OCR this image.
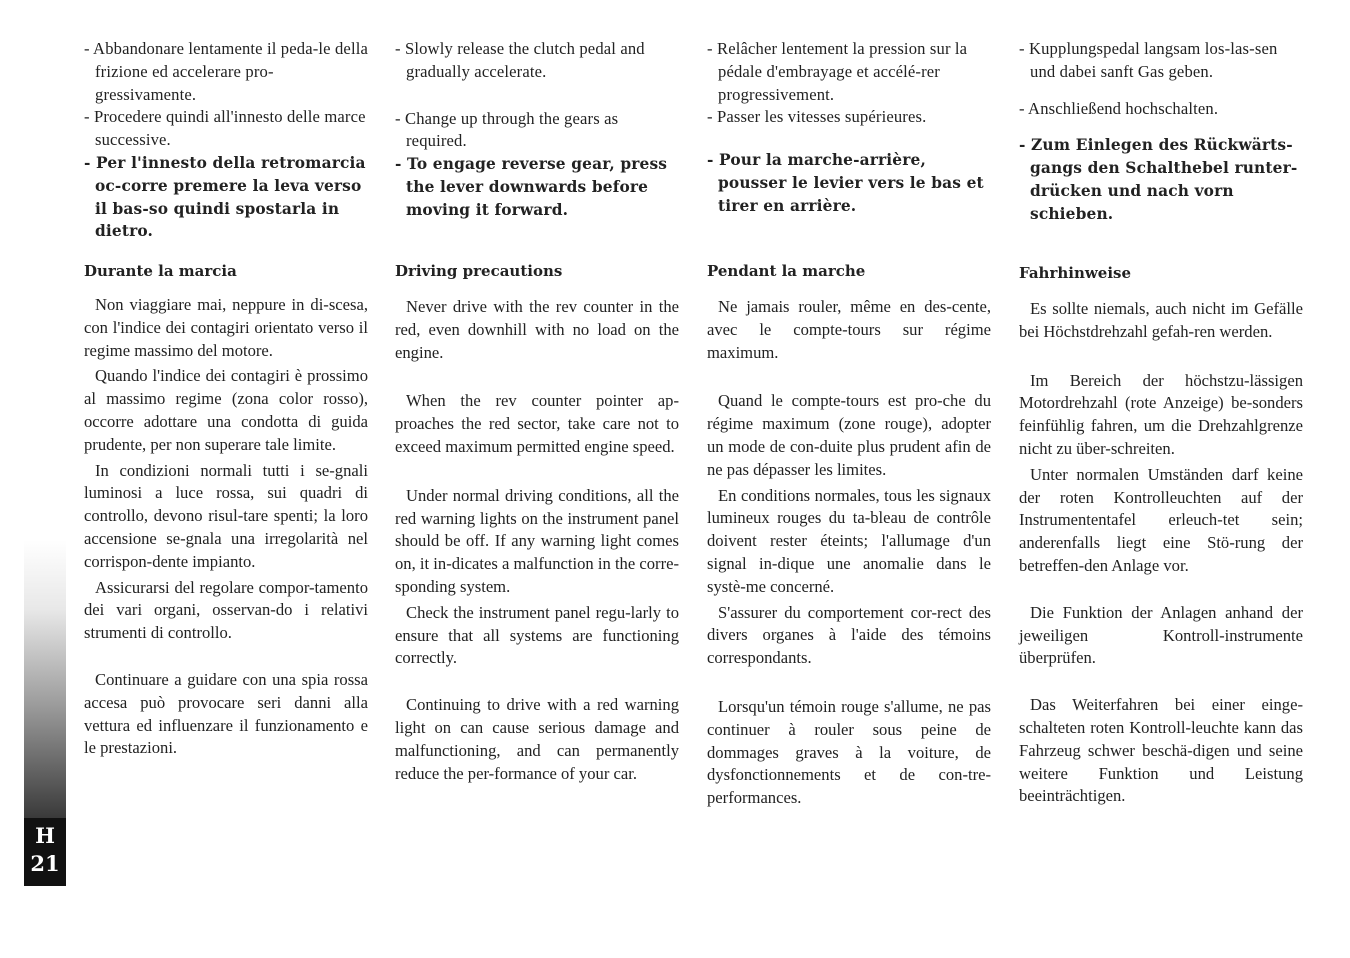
- Abbandonare lentamente il peda-le della frizione ed accelerare pro-gressivamente.
- Procedere quindi all'innesto delle marce successive.
- Per l'innesto della retromarcia oc-corre premere la leva verso il bas-so quindi spostarla in dietro.
Durante la marcia
Non viaggiare mai, neppure in di-scesa, con l'indice dei contagiri orientato verso il regime massimo del motore.
Quando l'indice dei contagiri è prossimo al massimo regime (zona color rosso), occorre adottare una condotta di guida prudente, per non superare tale limite.
In condizioni normali tutti i se-gnali luminosi a luce rossa, sui quadri di controllo, devono risul-tare spenti; la loro accensione se-gnala una irregolarità nel corrispon-dente impianto.
Assicurarsi del regolare compor-tamento dei vari organi, osservan-do i relativi strumenti di controllo.
Continuare a guidare con una spia rossa accesa può provocare seri danni alla vettura ed influenzare il funzionamento e le prestazioni.
- Slowly release the clutch pedal and gradually accelerate.
- Change up through the gears as required.
- To engage reverse gear, press the lever downwards before moving it forward.
Driving precautions
Never drive with the rev counter in the red, even downhill with no load on the engine.
When the rev counter pointer ap-proaches the red sector, take care not to exceed maximum permitted engine speed.
Under normal driving conditions, all the red warning lights on the instrument panel should be off. If any warning light comes on, it in-dicates a malfunction in the corre-sponding system.
Check the instrument panel regu-larly to ensure that all systems are functioning correctly.
Continuing to drive with a red warning light on can cause serious damage and malfunctioning, and can permanently reduce the per-formance of your car.
- Relâcher lentement la pression sur la pédale d'embrayage et accélé-rer progressivement.
- Passer les vitesses supérieures.
- Pour la marche-arrière, pousser le levier vers le bas et tirer en arrière.
Pendant la marche
Ne jamais rouler, même en des-cente, avec le compte-tours sur régime maximum.
Quand le compte-tours est pro-che du régime maximum (zone rouge), adopter un mode de con-duite plus prudent afin de ne pas dépasser les limites.
En conditions normales, tous les signaux lumineux rouges du ta-bleau de contrôle doivent rester éteints; l'allumage d'un signal in-dique une anomalie dans le systè-me concerné.
S'assurer du comportement cor-rect des divers organes à l'aide des témoins correspondants.
Lorsqu'un témoin rouge s'allume, ne pas continuer à rouler sous peine de dommages graves à la voiture, de dysfonctionnements et de con-tre-performances.
- Kupplungspedal langsam los-las-sen und dabei sanft Gas geben.
- Anschließend hochschalten.
- Zum Einlegen des Rückwärts-gangs den Schalthebel runter-drücken und nach vorn schieben.
Fahrhinweise
Es sollte niemals, auch nicht im Gefälle bei Höchstdrehzahl gefah-ren werden.
Im Bereich der höchstzu-lässigen Motordrehzahl (rote Anzeige) be-sonders feinfühlig fahren, um die Drehzahlgrenze nicht zu über-schreiten.
Unter normalen Umständen darf keine der roten Kontrolleuchten auf der Instrumententafel erleuch-tet sein; anderenfalls liegt eine Stö-rung der betreffen-den Anlage vor.
Die Funktion der Anlagen anhand der jeweiligen Kontroll-instrumente überprüfen.
Das Weiterfahren bei einer einge-schalteten roten Kontroll-leuchte kann das Fahrzeug schwer beschä-digen und seine weitere Funktion und Leistung beeinträchtigen.
H
21
